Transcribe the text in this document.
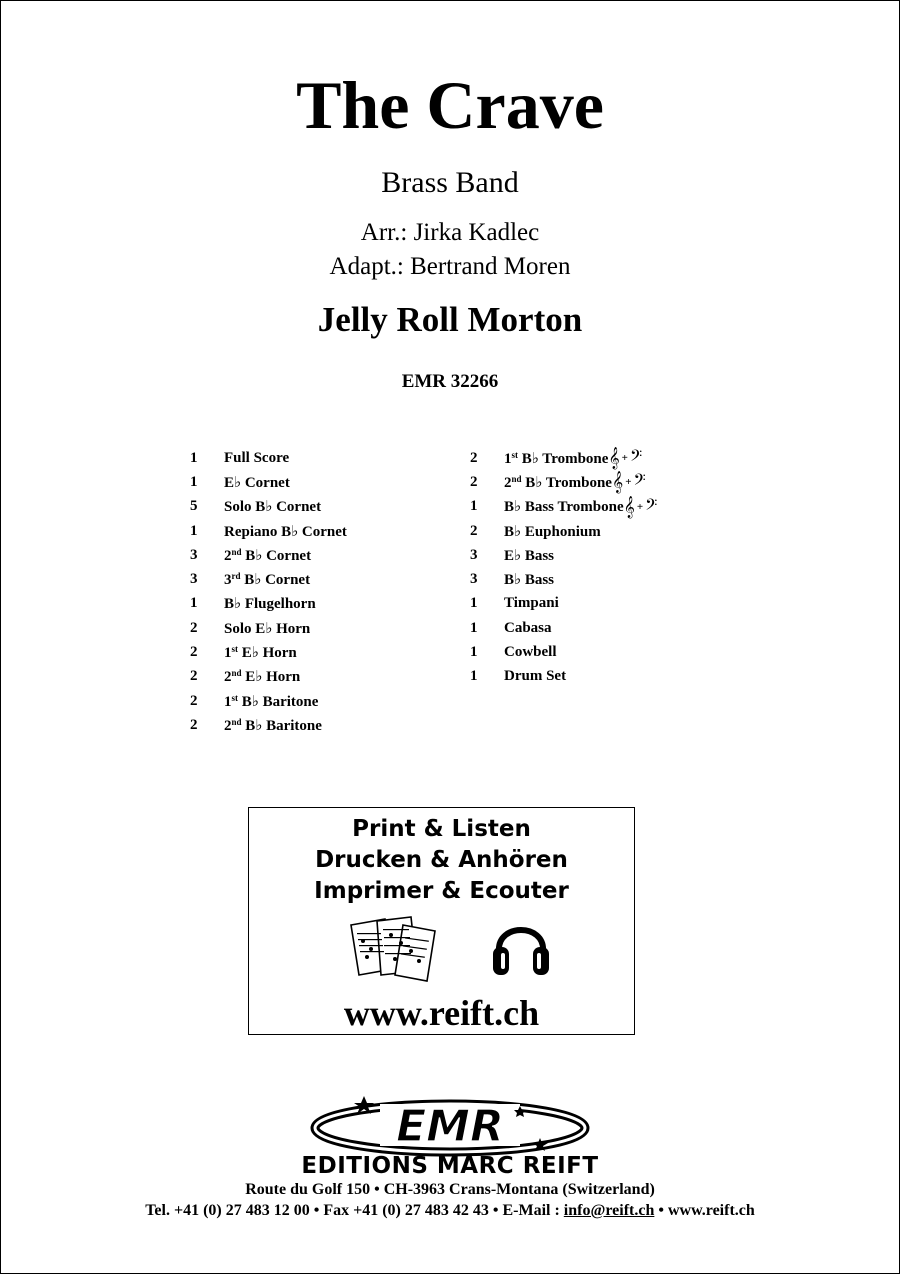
The Crave
Brass Band
Arr.: Jirka Kadlec
Adapt.: Bertrand Moren
Jelly Roll Morton
EMR 32266
1	Full Score
1	E♭ Cornet
5	Solo B♭ Cornet
1	Repiano B♭ Cornet
3	2nd B♭ Cornet
3	3rd B♭ Cornet
1	B♭ Flugelhorn
2	Solo E♭ Horn
2	1st E♭ Horn
2	2nd E♭ Horn
2	1st B♭ Baritone
2	2nd B♭ Baritone
2	1st B♭ Trombone 𝄞 + 𝄢
2	2nd B♭ Trombone 𝄞 + 𝄢
1	B♭ Bass Trombone 𝄞 + 𝄢
2	B♭ Euphonium
3	E♭ Bass
3	B♭ Bass
1	Timpani
1	Cabasa
1	Cowbell
1	Drum Set
Print & Listen
Drucken & Anhören
Imprimer & Ecouter
www.reift.ch
EMR
EDITIONS MARC REIFT
Route du Golf 150 • CH-3963 Crans-Montana (Switzerland)
Tel. +41 (0) 27 483 12 00 • Fax +41 (0) 27 483 42 43 • E-Mail : info@reift.ch • www.reift.ch
